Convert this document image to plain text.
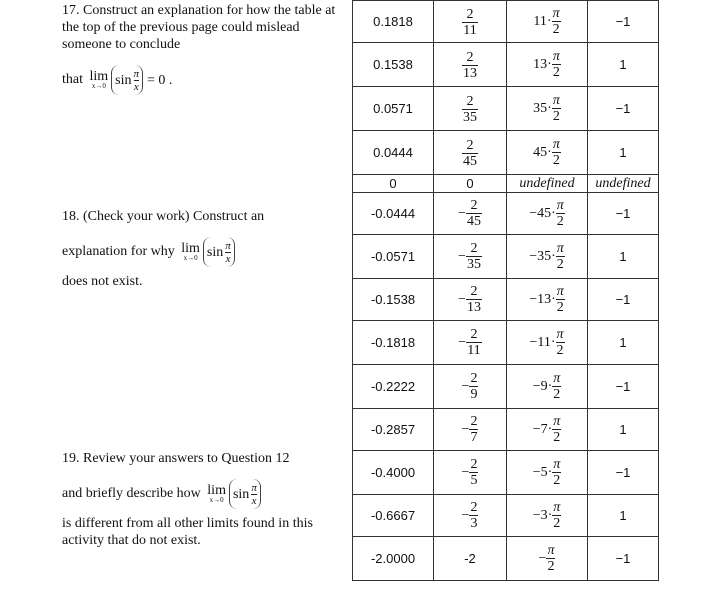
17. Construct an explanation for how the table at the top of the previous page could mislead someone to conclude
that lim
x→0 sin π
x = 0 .
18. (Check your work) Construct an
explanation for why lim
x→0 sin π
x
does not exist.
19. Review your answers to Question 12
and briefly describe how lim
x→0 sin π
x
is different from all other limits found in this activity that do not exist.
0.1818	$\frac{2}{11}$	$11 \cdot \frac{\pi}{2}$	−1
0.1538	$\frac{2}{13}$	$13 \cdot \frac{\pi}{2}$	1
0.0571	$\frac{2}{35}$	$35 \cdot \frac{\pi}{2}$	−1
0.0444	$\frac{2}{45}$	$45 \cdot \frac{\pi}{2}$	1
0	0	undefined	undefined
-0.0444	− $\frac{2}{45}$	− $45 \cdot \frac{\pi}{2}$	−1
-0.0571	− $\frac{2}{35}$	− $35 \cdot \frac{\pi}{2}$	1
-0.1538	− $\frac{2}{13}$	− $13 \cdot \frac{\pi}{2}$	−1
-0.1818	− $\frac{2}{11}$	− $11 \cdot \frac{\pi}{2}$	1
-0.2222	− $\frac{2}{9}$	− $9 \cdot \frac{\pi}{2}$	−1
-0.2857	− $\frac{2}{7}$	− $7 \cdot \frac{\pi}{2}$	1
-0.4000	− $\frac{2}{5}$	− $5 \cdot \frac{\pi}{2}$	−1
-0.6667	− $\frac{2}{3}$	− $3 \cdot \frac{\pi}{2}$	1
-2.0000	-2	− $\frac{\pi}{2}$	−1
